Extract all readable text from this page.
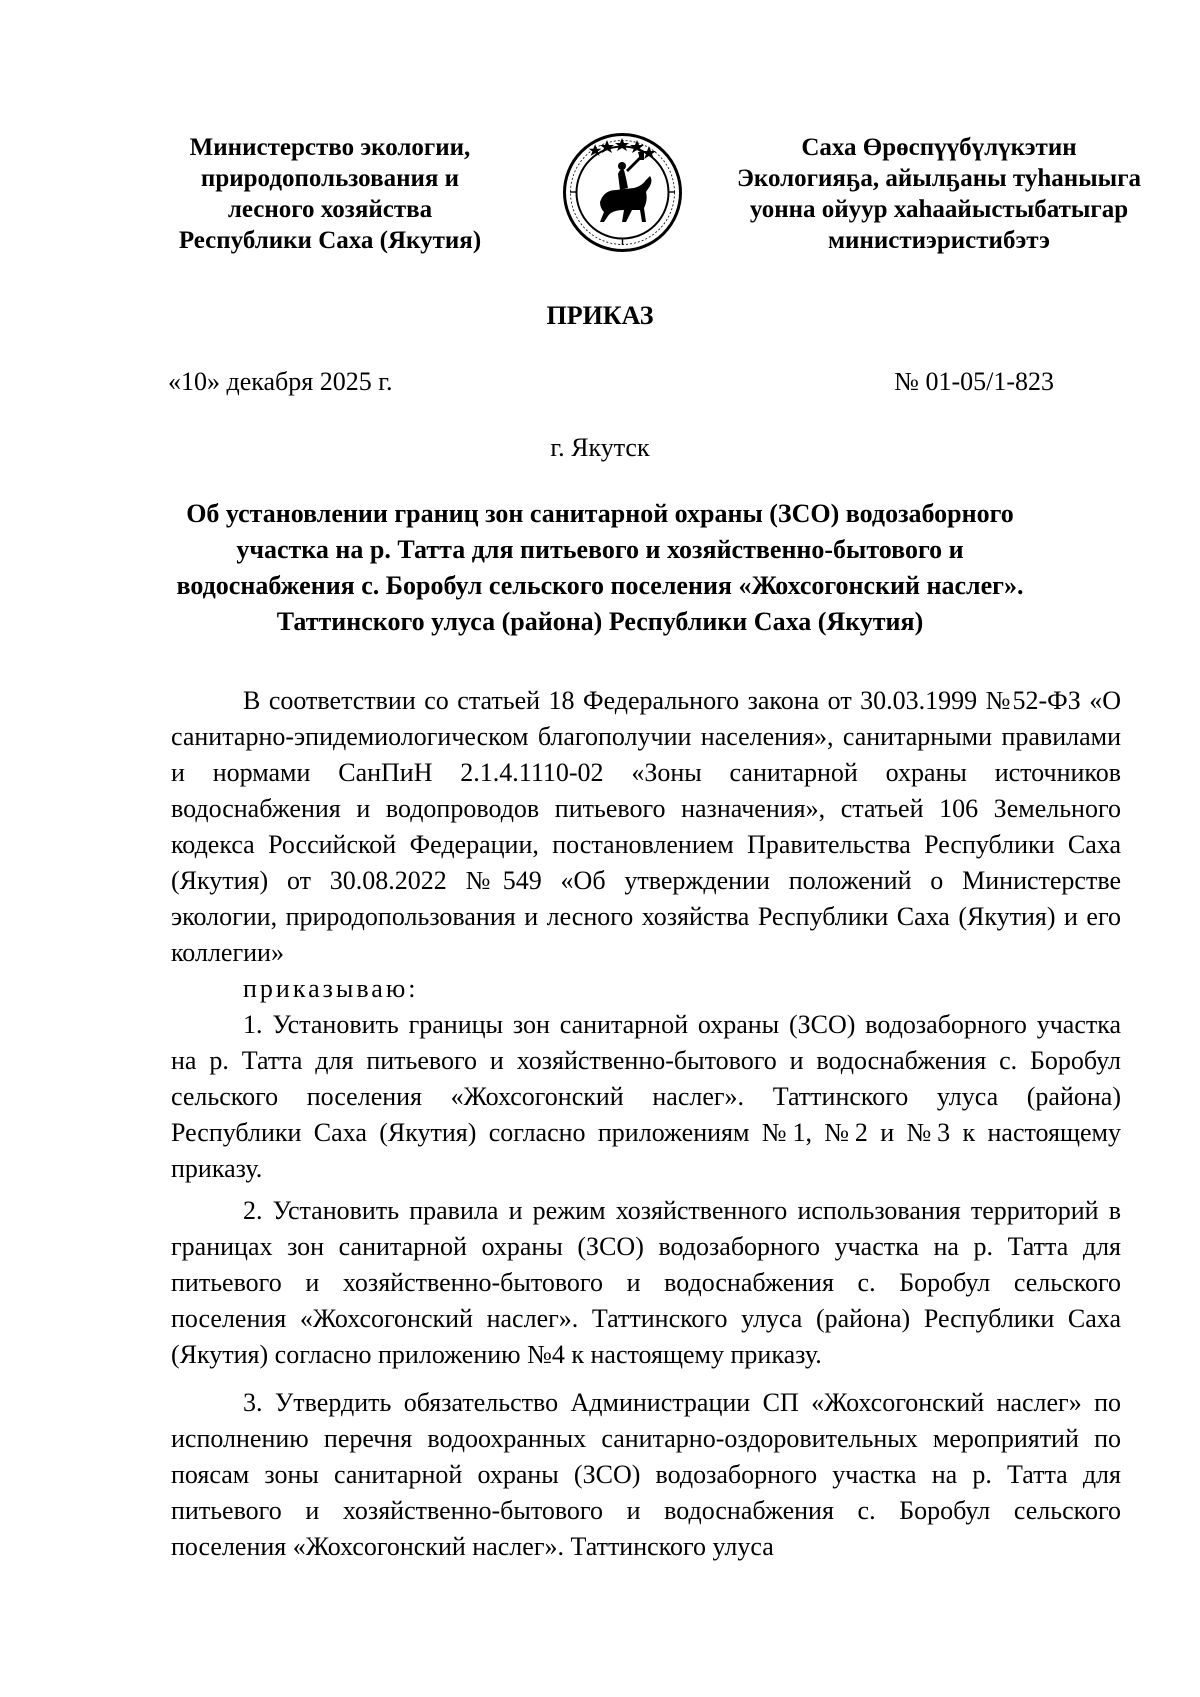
Министерство экологии,
природопользования и
лесного хозяйства
Республики Саха (Якутия)
Саха Өрөспүүбүлүкэтин
Экологияҕа, айылҕаны туһаныыга
уонна ойуур хаһаайыстыбатыгар
министиэристибэтэ
ПРИКАЗ
«10» декабря 2025 г.	№ 01-05/1-823
г. Якутск
Об установлении границ зон санитарной охраны (ЗСО) водозаборного
участка на р. Татта для питьевого и хозяйственно-бытового и
водоснабжения с. Боробул сельского поселения «Жохсогонский наслег».
Таттинского улуса (района) Республики Саха (Якутия)

В соответствии со статьей 18 Федерального закона от 30.03.1999 №52-ФЗ «О санитарно-эпидемиологическом благополучии населения», санитарными правилами и нормами СанПиН 2.1.4.1110-02 «Зоны санитарной охраны источников водоснабжения и водопроводов питьевого назначения», статьей 106 Земельного кодекса Российской Федерации, постановлением Правительства Республики Саха (Якутия) от 30.08.2022 №549 «Об утверждении положений о Министерстве экологии, природопользования и лесного хозяйства Республики Саха (Якутия) и его коллегии»

приказываю:

1. Установить границы зон санитарной охраны (ЗСО) водозаборного участка на р. Татта для питьевого и хозяйственно-бытового и водоснабжения с. Боробул сельского поселения «Жохсогонский наслег». Таттинского улуса (района) Республики Саха (Якутия) согласно приложениям №1, №2 и №3 к настоящему приказу.

2. Установить правила и режим хозяйственного использования территорий в границах зон санитарной охраны (ЗСО) водозаборного участка на р. Татта для питьевого и хозяйственно-бытового и водоснабжения с. Боробул сельского поселения «Жохсогонский наслег». Таттинского улуса (района) Республики Саха (Якутия) согласно приложению №4 к настоящему приказу.

3. Утвердить обязательство Администрации СП «Жохсогонский наслег» по исполнению перечня водоохранных санитарно-оздоровительных мероприятий по поясам зоны санитарной охраны (ЗСО) водозаборного участка на р. Татта для питьевого и хозяйственно-бытового и водоснабжения с. Боробул сельского поселения «Жохсогонский наслег». Таттинского улуса
